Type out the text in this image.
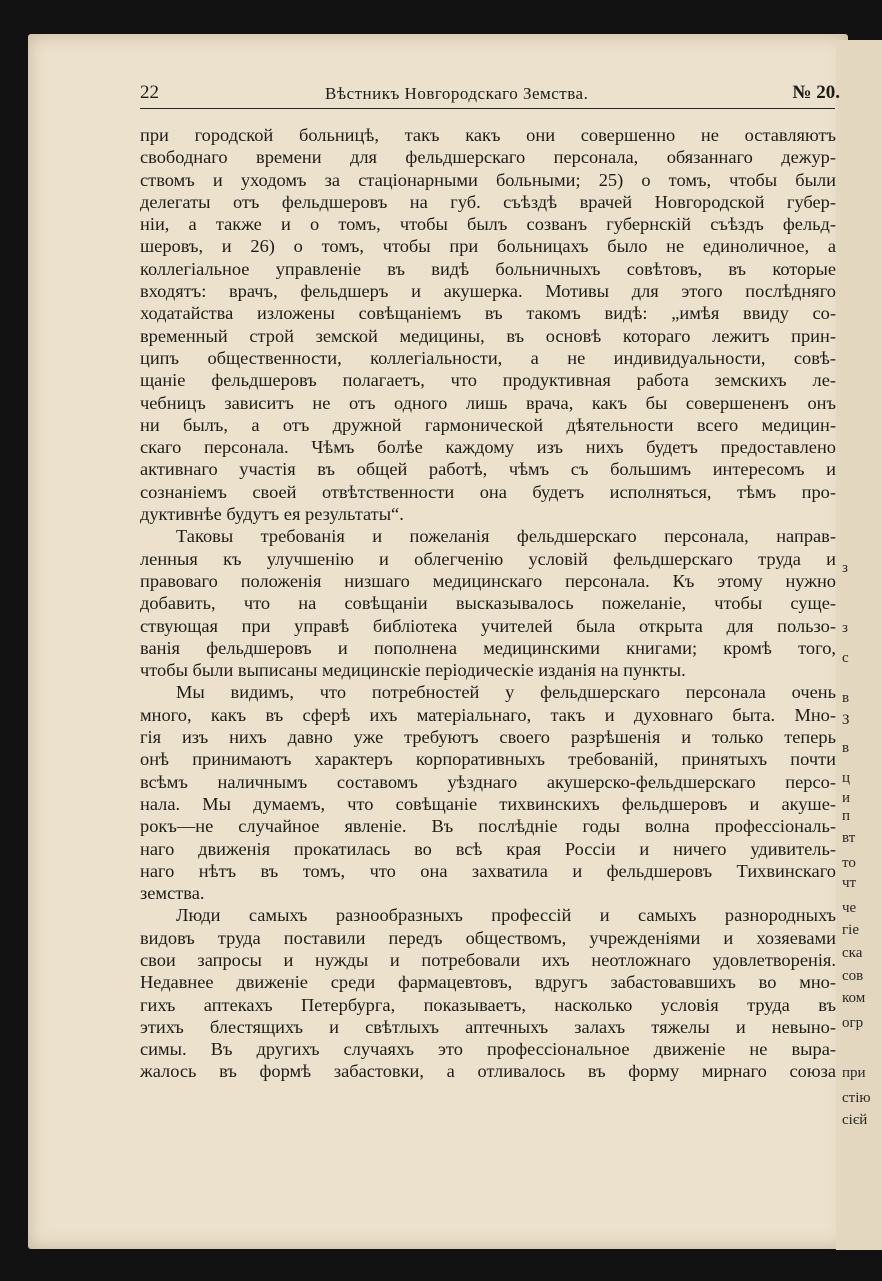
з
з
с
в
З
в
ц
и
п
вт
то
чт
че
гіе
ска
сов
ком
огр
при
стію
сієй
22	Вѣстникъ Новгородскаго Земства.	№ 20.
при городской больницѣ, такъ какъ они совершенно не оставляютъ
свободнаго времени для фельдшерскаго персонала, обязаннаго дежур-
ствомъ и уходомъ за стаціонарными больными; 25) о томъ, чтобы были
делегаты отъ фельдшеровъ на губ. съѣздѣ врачей Новгородской губер-
ніи, а также и о томъ, чтобы былъ созванъ губернскій съѣздъ фельд-
шеровъ, и 26) о томъ, чтобы при больницахъ было не единоличное, а
коллегіальное управленіе въ видѣ больничныхъ совѣтовъ, въ которые
входятъ: врачъ, фельдшеръ и акушерка. Мотивы для этого послѣдняго
ходатайства изложены совѣщаніемъ въ такомъ видѣ: „имѣя ввиду со-
временный строй земской медицины, въ основѣ котораго лежитъ прин-
ципъ общественности, коллегіальности, а не индивидуальности, совѣ-
щаніе фельдшеровъ полагаетъ, что продуктивная работа земскихъ ле-
чебницъ зависитъ не отъ одного лишь врача, какъ бы совершененъ онъ
ни былъ, а отъ дружной гармонической дѣятельности всего медицин-
скаго персонала. Чѣмъ болѣе каждому изъ нихъ будетъ предоставлено
активнаго участія въ общей работѣ, чѣмъ съ большимъ интересомъ и
сознаніемъ своей отвѣтственности она будетъ исполняться, тѣмъ про-
дуктивнѣе будутъ ея результаты“.
Таковы требованія и пожеланія фельдшерскаго персонала, направ-
ленныя къ улучшенію и облегченію условій фельдшерскаго труда и
правоваго положенія низшаго медицинскаго персонала. Къ этому нужно
добавить, что на совѣщаніи высказывалось пожеланіе, чтобы суще-
ствующая при управѣ библіотека учителей была открыта для пользо-
ванія фельдшеровъ и пополнена медицинскими книгами; кромѣ того,
чтобы были выписаны медицинскіе періодическіе изданія на пункты.
Мы видимъ, что потребностей у фельдшерскаго персонала очень
много, какъ въ сферѣ ихъ матеріальнаго, такъ и духовнаго быта. Мно-
гія изъ нихъ давно уже требуютъ своего разрѣшенія и только теперь
онѣ принимаютъ характеръ корпоративныхъ требованій, принятыхъ почти
всѣмъ наличнымъ составомъ уѣзднаго акушерско-фельдшерскаго персо-
нала. Мы думаемъ, что совѣщаніе тихвинскихъ фельдшеровъ и акуше-
рокъ—не случайное явленіе. Въ послѣдніе годы волна профессіональ-
наго движенія прокатилась во всѣ края Россіи и ничего удивитель-
наго нѣтъ въ томъ, что она захватила и фельдшеровъ Тихвинскаго
земства.
Люди самыхъ разнообразныхъ профессій и самыхъ разнородныхъ
видовъ труда поставили передъ обществомъ, учрежденіями и хозяевами
свои запросы и нужды и потребовали ихъ неотложнаго удовлетворенія.
Недавнее движеніе среди фармацевтовъ, вдругъ забастовавшихъ во мно-
гихъ аптекахъ Петербурга, показываетъ, насколько условія труда въ
этихъ блестящихъ и свѣтлыхъ аптечныхъ залахъ тяжелы и невыно-
симы. Въ другихъ случаяхъ это профессіональное движеніе не выра-
жалось въ формѣ забастовки, а отливалось въ форму мирнаго союза
